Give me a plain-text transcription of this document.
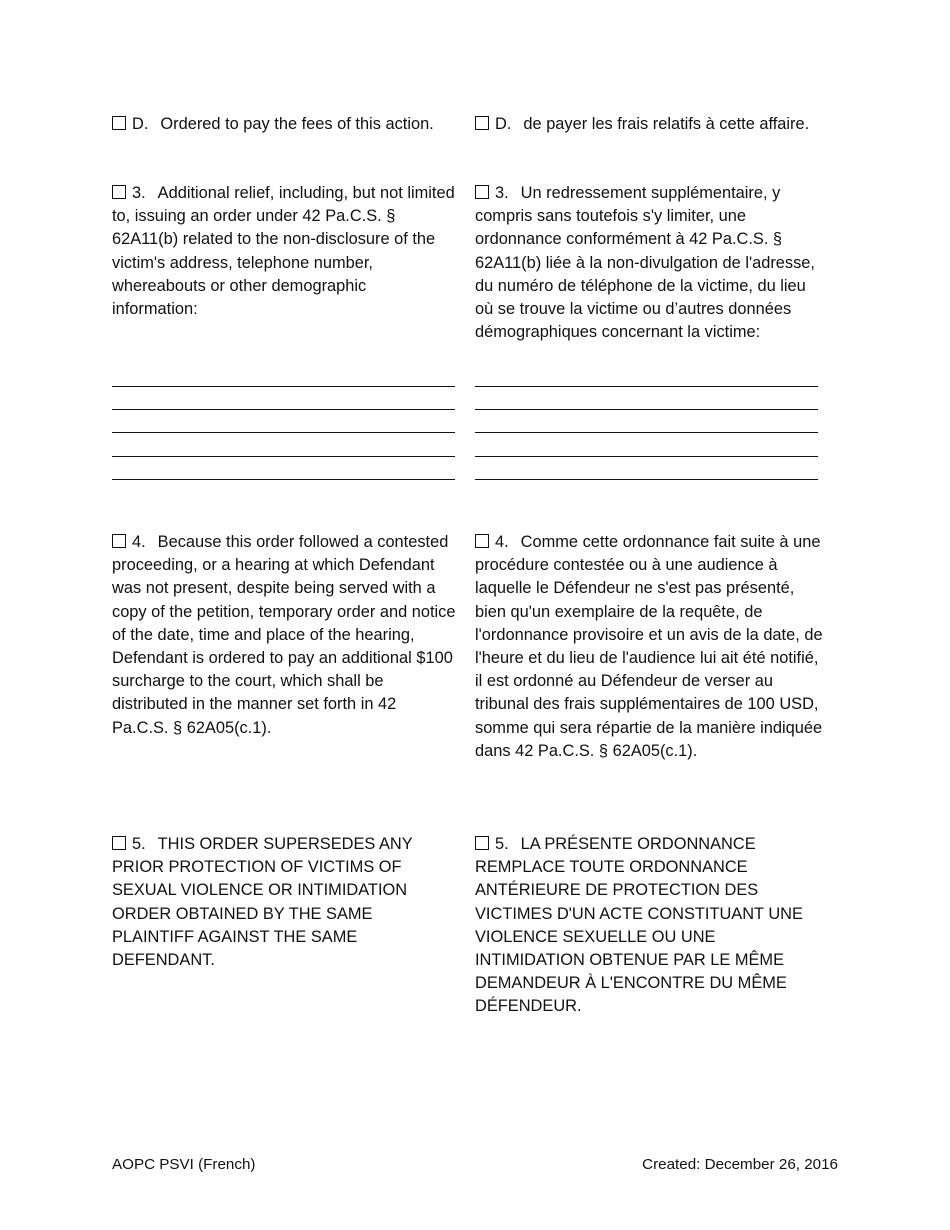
D. Ordered to pay the fees of this action.	D. de payer les frais relatifs à cette affaire.

3. Additional relief, including, but not limited to, issuing an order under 42 Pa.C.S. § 62A11(b) related to the non-disclosure of the victim's address, telephone number, whereabouts or other demographic information:

3. Un redressement supplémentaire, y compris sans toutefois s'y limiter, une ordonnance conformément à 42 Pa.C.S. § 62A11(b) liée à la non-divulgation de l'adresse, du numéro de téléphone de la victime, du lieu où se trouve la victime ou d’autres données démographiques concernant la victime:

4. Because this order followed a contested proceeding, or a hearing at which Defendant was not present, despite being served with a copy of the petition, temporary order and notice of the date, time and place of the hearing, Defendant is ordered to pay an additional $100 surcharge to the court, which shall be distributed in the manner set forth in 42 Pa.C.S. § 62A05(c.1).

4. Comme cette ordonnance fait suite à une procédure contestée ou à une audience à laquelle le Défendeur ne s'est pas présenté, bien qu'un exemplaire de la requête, de l'ordonnance provisoire et un avis de la date, de l'heure et du lieu de l'audience lui ait été notifié, il est ordonné au Défendeur de verser au tribunal des frais supplémentaires de 100 USD, somme qui sera répartie de la manière indiquée dans 42 Pa.C.S. § 62A05(c.1).

5. THIS ORDER SUPERSEDES ANY PRIOR PROTECTION OF VICTIMS OF SEXUAL VIOLENCE OR INTIMIDATION ORDER OBTAINED BY THE SAME PLAINTIFF AGAINST THE SAME DEFENDANT.

5. LA PRÉSENTE ORDONNANCE REMPLACE TOUTE ORDONNANCE ANTÉRIEURE DE PROTECTION DES VICTIMES D'UN ACTE CONSTITUANT UNE VIOLENCE SEXUELLE OU UNE INTIMIDATION OBTENUE PAR LE MÊME DEMANDEUR À L'ENCONTRE DU MÊME DÉFENDEUR.

AOPC PSVI (French)	Created: December 26, 2016
